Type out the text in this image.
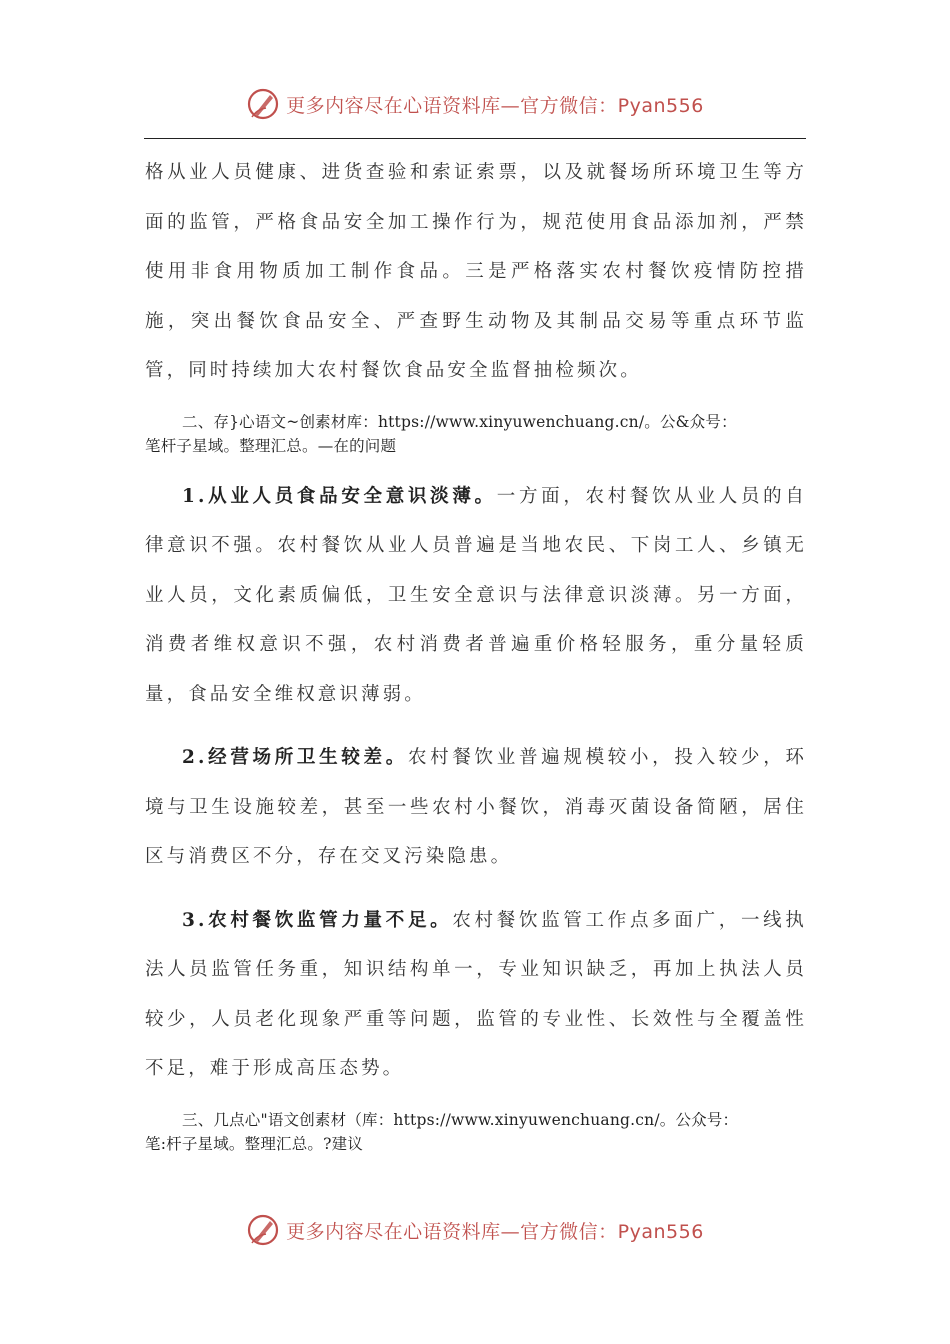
更多内容尽在心语资料库—官方微信：Pyan556

格从业人员健康、进货查验和索证索票，以及就餐场所环境卫生等方面的监管，严格食品安全加工操作行为，规范使用食品添加剂，严禁使用非食用物质加工制作食品。三是严格落实农村餐饮疫情防控措施，突出餐饮食品安全、严查野生动物及其制品交易等重点环节监管，同时持续加大农村餐饮食品安全监督抽检频次。

二、存}心语文~创素材库：https://www.xinyuwenchuang.cn/。公&众号：

笔杆子星域。整理汇总。—在的问题

1.从业人员食品安全意识淡薄。一方面，农村餐饮从业人员的自律意识不强。农村餐饮从业人员普遍是当地农民、下岗工人、乡镇无业人员，文化素质偏低，卫生安全意识与法律意识淡薄。另一方面，消费者维权意识不强，农村消费者普遍重价格轻服务，重分量轻质量，食品安全维权意识薄弱。

2.经营场所卫生较差。农村餐饮业普遍规模较小，投入较少，环境与卫生设施较差，甚至一些农村小餐饮，消毒灭菌设备简陋，居住区与消费区不分，存在交叉污染隐患。

3.农村餐饮监管力量不足。农村餐饮监管工作点多面广，一线执法人员监管任务重，知识结构单一，专业知识缺乏，再加上执法人员较少，人员老化现象严重等问题，监管的专业性、长效性与全覆盖性不足，难于形成高压态势。

三、几点心"语文创素材（库：https://www.xinyuwenchuang.cn/。公众号：

笔:杆子星域。整理汇总。?建议

更多内容尽在心语资料库—官方微信：Pyan556
